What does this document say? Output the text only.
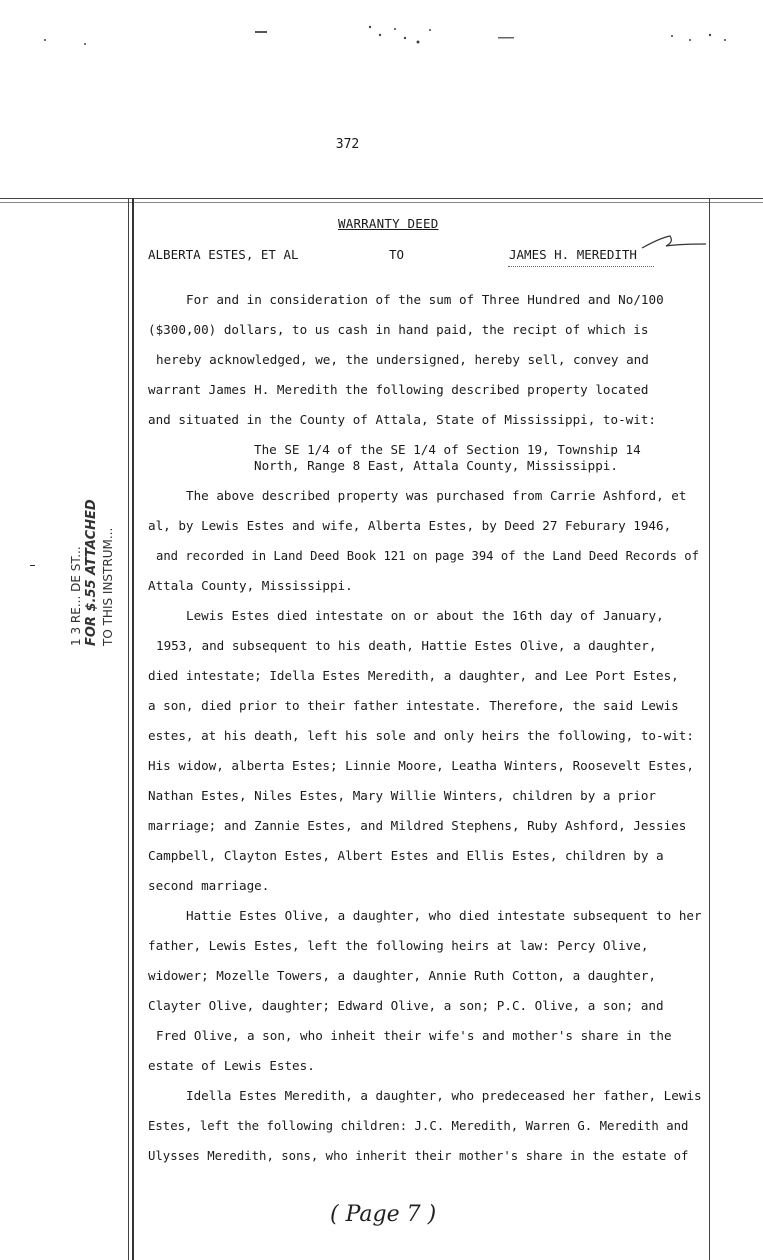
372
WARRANTY DEED
ALBERTA ESTES, ET AL	TO	JAMES H. MEREDITH
For and in consideration of the sum of Three Hundred and No/100
($300,00) dollars, to us cash in hand paid, the recipt of which is
hereby acknowledged, we, the undersigned, hereby sell, convey and
warrant James H. Meredith the following described property located
and situated in the County of Attala, State of Mississippi, to-wit:
The SE 1/4 of the SE 1/4 of Section 19, Township 14
North, Range 8 East, Attala County, Mississippi.
The above described property was purchased from Carrie Ashford, et
al, by Lewis Estes and wife, Alberta Estes, by Deed 27 Feburary 1946,
and recorded in Land Deed Book 121 on page 394 of the Land Deed Records of
Attala County, Mississippi.
Lewis Estes died intestate on or about the 16th day of January,
1953, and subsequent to his death, Hattie Estes Olive, a daughter,
died intestate; Idella Estes Meredith, a daughter, and Lee Port Estes,
a son, died prior to their father intestate. Therefore, the said Lewis
estes, at his death, left his sole and only heirs the following, to-wit:
His widow, alberta Estes; Linnie Moore, Leatha Winters, Roosevelt Estes,
Nathan Estes, Niles Estes, Mary Willie Winters, children by a prior
marriage; and Zannie Estes, and Mildred Stephens, Ruby Ashford, Jessies
Campbell, Clayton Estes, Albert Estes and Ellis Estes, children by a
second marriage.
Hattie Estes Olive, a daughter, who died intestate subsequent to her
father, Lewis Estes, left the following heirs at law: Percy Olive,
widower; Mozelle Towers, a daughter, Annie Ruth Cotton, a daughter,
Clayter Olive, daughter; Edward Olive, a son; P.C. Olive, a son; and
Fred Olive, a son, who inheit their wife's and mother's share in the
estate of Lewis Estes.
Idella Estes Meredith, a daughter, who predeceased her father, Lewis
Estes, left the following children: J.C. Meredith, Warren G. Meredith and
Ulysses Meredith, sons, who inherit their mother's share in the estate of
1 3 RE... DE ST... FOR $.55 ATTACHED TO THIS INSTRUM...
( Page 7 )
